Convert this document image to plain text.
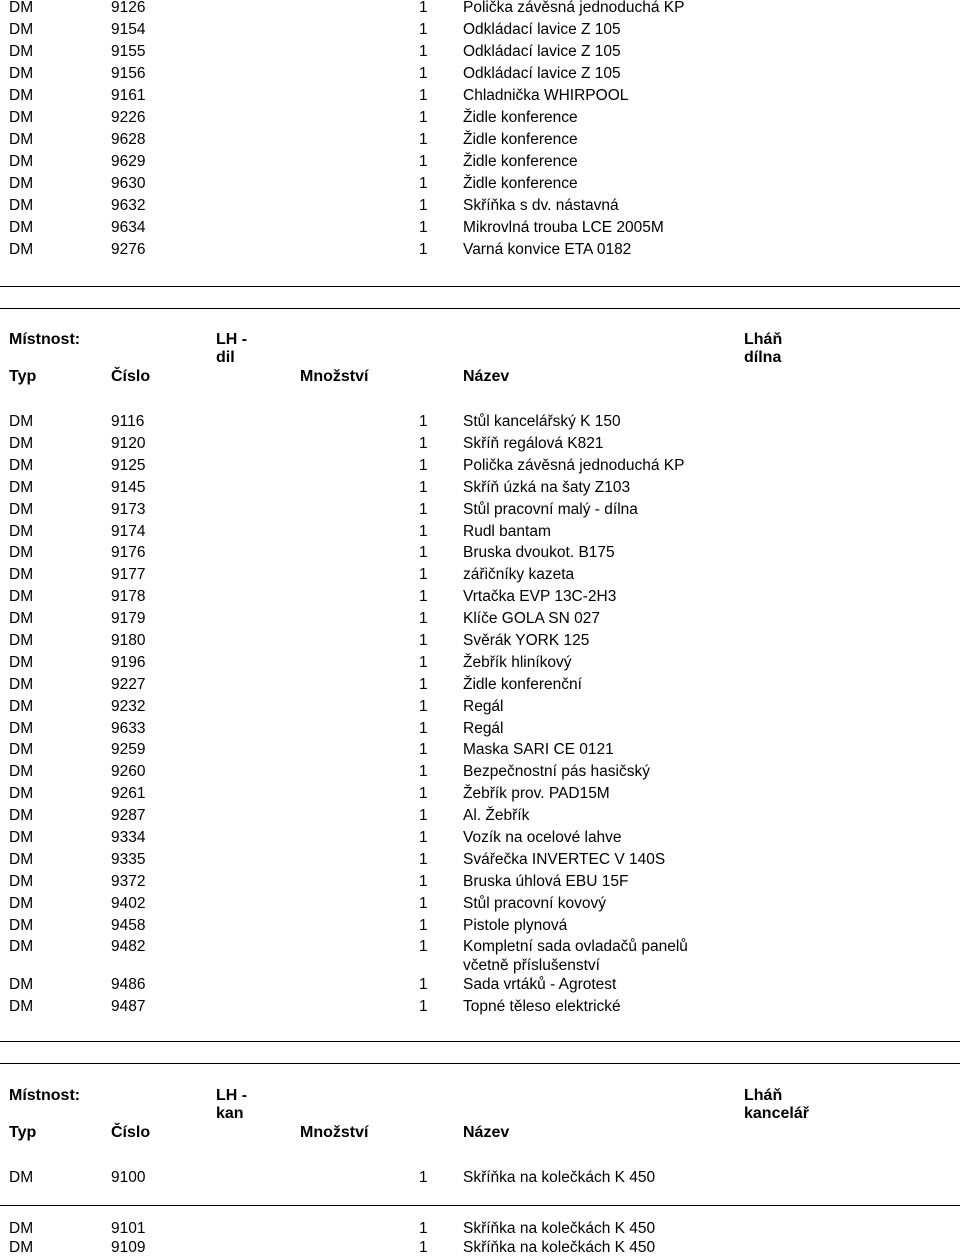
DM	9126	1 Polička závěsná jednoduchá KP
DM	9154	1 Odkládací lavice Z 105
DM	9155	1 Odkládací lavice Z 105
DM	9156	1 Odkládací lavice Z 105
DM	9161	1 Chladnička WHIRPOOL
DM	9226	1 Židle konference
DM	9628	1 Židle konference
DM	9629	1 Židle konference
DM	9630	1 Židle konference
DM	9632	1 Skříňka s dv. nástavná
DM	9634	1 Mikrovlná trouba LCE 2005M
DM	9276	1 Varná konvice ETA 0182
Místnost:	LH -
dil
Lháň
dílna
Typ	Číslo	Množství	Název
DM	9116	1 Stůl kancelářský K 150
DM	9120	1 Skříň regálová K821
DM	9125	1 Polička závěsná jednoduchá KP
DM	9145	1 Skříň úzká na šaty Z103
DM	9173	1 Stůl pracovní malý - dílna
DM	9174	1 Rudl bantam
DM	9176	1 Bruska dvoukot. B175
DM	9177	1 zářičníky kazeta
DM	9178	1 Vrtačka EVP 13C-2H3
DM	9179	1 Klíče GOLA SN 027
DM	9180	1 Svěrák YORK 125
DM	9196	1 Žebřík hliníkový
DM	9227	1 Židle konferenční
DM	9232	1 Regál
DM	9633	1 Regál
DM	9259	1 Maska SARI CE 0121
DM	9260	1 Bezpečnostní pás hasičský
DM	9261	1 Žebřík prov. PAD15M
DM	9287	1 Al. Žebřík
DM	9334	1 Vozík na ocelové lahve
DM	9335	1 Svářečka INVERTEC V 140S
DM	9372	1 Bruska úhlová EBU 15F
DM	9402	1 Stůl pracovní kovový
DM	9458	1 Pistole plynová
DM	9482	1 Kompletní sada ovladačů panelů
včetně příslušenství
DM	9486	1 Sada vrtáků - Agrotest
DM	9487	1 Topné těleso elektrické
Místnost:	LH -
kan
Lháň
kancelář
Typ	Číslo	Množství	Název
DM	9100	1 Skříňka na kolečkách K 450
DM	9101	1 Skříňka na kolečkách K 450
DM	9109	1 Skříňka na kolečkách K 450
